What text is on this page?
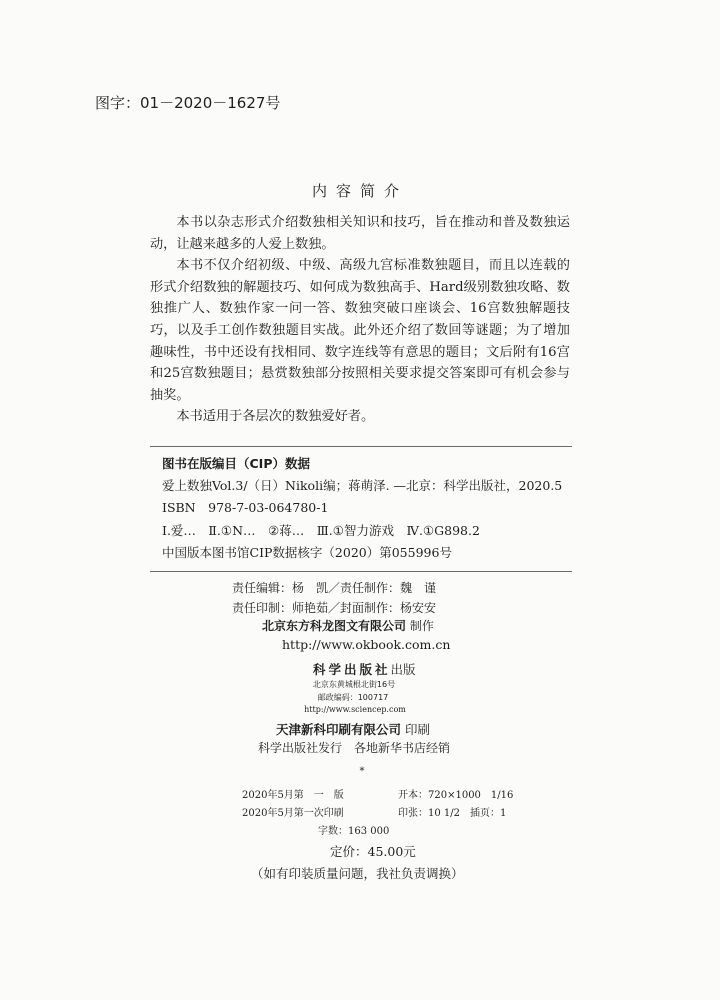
图字：01－2020－1627号
内容简介

本书以杂志形式介绍数独相关知识和技巧，旨在推动和普及数独运动，让越来越多的人爱上数独。

本书不仅介绍初级、中级、高级九宫标准数独题目，而且以连载的形式介绍数独的解题技巧、如何成为数独高手、Hard级别数独攻略、数独推广人、数独作家一问一答、数独突破口座谈会、16宫数独解题技巧，以及手工创作数独题目实战。此外还介绍了数回等谜题；为了增加趣味性，书中还设有找相同、数字连线等有意思的题目；文后附有16宫和25宫数独题目；悬赏数独部分按照相关要求提交答案即可有机会参与抽奖。

本书适用于各层次的数独爱好者。

图书在版编目（CIP）数据
爱上数独Vol.3/（日）Nikoli编；蒋萌泽. —北京：科学出版社，2020.5
ISBN　978-7-03-064780-1
Ⅰ.爱…　Ⅱ.①N…　②蒋…　Ⅲ.①智力游戏　Ⅳ.①G898.2
中国版本图书馆CIP数据核字（2020）第055996号
责任编辑：杨　凯／责任制作：魏　谨
责任印制：师艳茹／封面制作：杨安安
北京东方科龙图文有限公司 制作
http://www.okbook.com.cn
科学出版社出版
北京东黄城根北街16号
邮政编码：100717
http://www.sciencep.com
天津新科印刷有限公司 印刷
科学出版社发行　各地新华书店经销
*
2020年5月第　一　版	开本：720×1000　1/16
2020年5月第一次印刷	印张：10 1/2　插页：1
字数：163 000
定价：45.00元
（如有印装质量问题，我社负责调换）
